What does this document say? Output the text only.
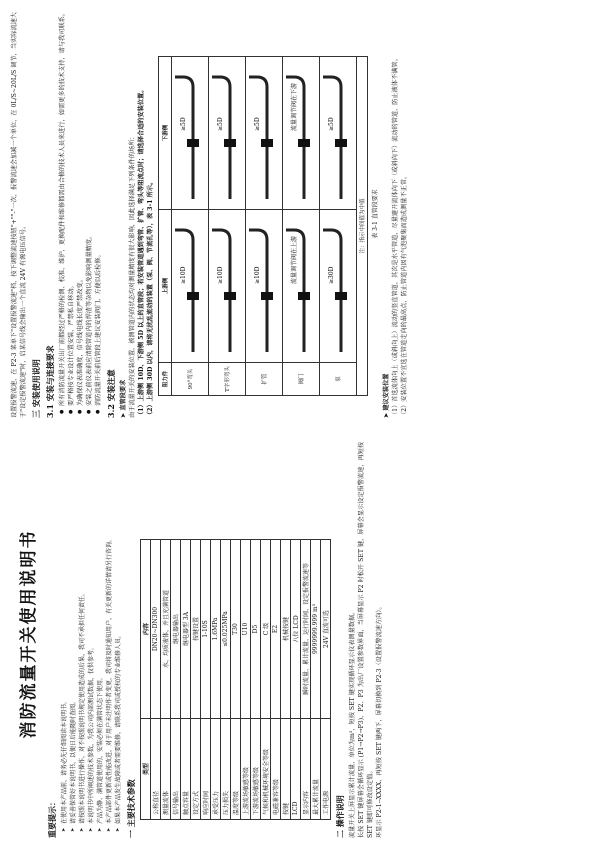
消防流量开关使用说明书
重要提示： ➤ 在使用本产品前，请务必先仔细阅读本说明书。 ➤ 请妥善保管好本说明书，以便日后能随时查阅。 ➤ 请按照本说明书进行操作，对不按照说明书规定使用造成的后果，我司不承担任何责任。 ➤ 本说明书中所阐述的技术参数，为我公司内部测试数据，仅供参考。 ➤ 产品为静、满管道使用的，安装必须在满管状态下使用。 ➤ 本产品部件更新或性能改进，对于用户未注明作者变更，我司将及时通知用户，有关更新的详情请另行咨询。 ➤ 如果本产品发生故障或者需要维修，请联系我司或授权的专业维修人员。 一 主要技术参数
类型	内容
公称直径	DN20~DN300
测量流体	水、均质液体，并且充满管道
信号输出	继电器输出
触点容量	继电器型 3A
设定方式	按键设置
响应时间	1-10S
承受压力	1.6MPa
压力损失	≤0.025MPa
温度等级	T30
上游流场敏感等级	U10
下游流场敏感等级	D5
气候和机械环境安全等级	C 级
电磁兼容等级	E2
按键	机械按键
LCD	八位 LCD
显示内容	瞬时流量、累计流量、运行时间、设定报警流速等
最大累计流量	9999999.999 m³
工作电源	24V 直流可选
二 操作说明 流量开关上屏显示累计流量，单位为m³，短按 SET 键实现循环显示仪表测量数据。 长按 SET 键屏幕会循环显示 (P1→P2→P3)，P2、P3 为出厂设置参数界面，当屏幕显示 P2 时松开 SET 键，屏幕会显示设定报警流速，再短按 SET 键即可修改设定值。 环显示 P2-1--XXXX，再短按 SET 键两下，屏幕切换到 P2-3（设置报警流速方向）。

设置报警流速，在 P2-3 菜单下"设置报警流速"档，按下调整流速按钮"+""-"一次，报警流速会加减一个单位，在 0L/S~20L/S 调节，当实际流速大于"设定报警流速"时，启某信号线会输出一个直流 24V 有源电压信号。 三 安装使用说明 3.1 安装与连接要求 ● 所有消防流量开关出厂前都经过严格的检测、校准、维护，更换配件和维修都需由合格的技术人员来进行，如需更多的技术支持，请与我司联系。 ● 要严格按专业设计位置安装，严禁私自移动。 ● 为确保仪表准确度，信号线电线长度严禁改变。 ● 安装之前仪表前应清除管道内的焊渣等杂物以免影响测量精度。 ● 消防流量开关前后管段上建议安装阀门，方便以后检修。 3.2 安装注意 ➤ 直管段要求 由于流量开关的安装位置，被测管道内的状态均对测量精度有很大影响，因此选择满足下列条件的场所： （1）上游侧 10D、下游侧 5D 以上的直管段；若安装管道遇到弯管、扩管、弯头等阻流点时；请选择合适的安装位置。 （2）上游侧 30D 以内，请将无扰乱流动的装置（泵、阀、节流孔等），表 3-1 所示。 阻力件	上游侧	下游侧
90°弯头	≥10D	≥5D

T字形弯头	≥10D	≥5D

扩管	≥10D	≥5D

阀门	流量调节阀在上游	流量调节阀在下游

泵	≥30D	≥5D

注：指示中间值为中值			表 3-1 直管段要求
➤ 建议安装位置 （1）首选流体向上（或斜向上）流动的竖直管道，其次是水平管道，尽量避开流体向下（或斜向下）流动的管道，防止液体不满管。 （2）安装位置不宜选在管道走向的最高点，防止管道内因有气泡聚集而造成测量不正常。
